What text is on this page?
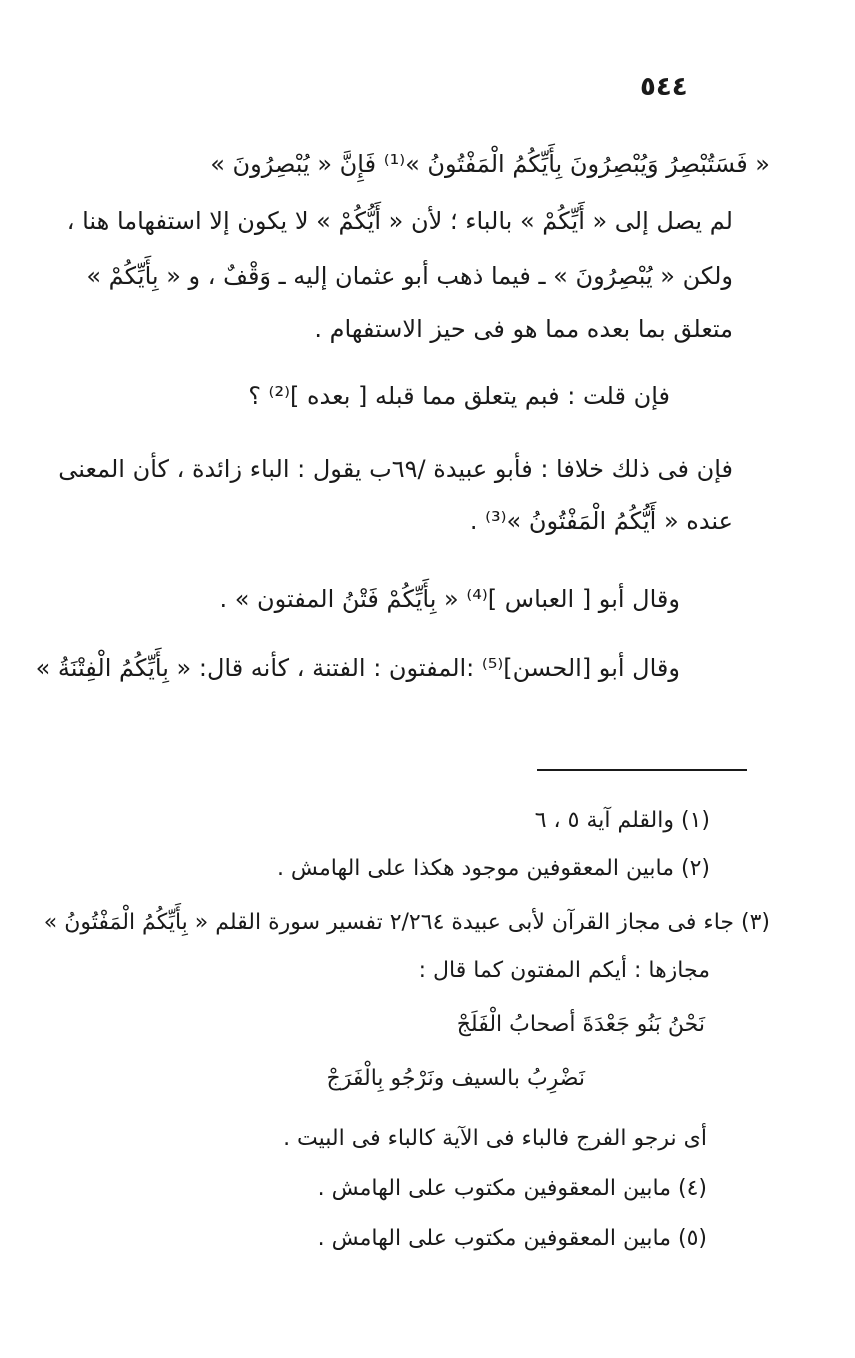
٥٤٤
« فَسَتُبْصِرُ وَيُبْصِرُونَ بِأَيِّكُمُ الْمَفْتُونُ »⁽¹⁾ فَإِنَّ « يُبْصِرُونَ »
لم يصل إلى « أَيِّكُمْ » بالباء ؛ لأن « أَيُّكُمْ » لا يكون إلا استفهاما هنا ،
ولكن « يُبْصِرُونَ » ـ فيما ذهب أبو عثمان إليه ـ وَقْفٌ ، و « بِأَيِّكُمْ »
متعلق بما بعده مما هو فى حيز الاستفهام .
فإن قلت : فبم يتعلق مما قبله [ بعده ]⁽²⁾ ؟
فإن فى ذلك خلافا : فأبو عبيدة /٦٩ب يقول : الباء زائدة ، كأن المعنى
عنده « أَيُّكُمُ الْمَفْتُونُ »⁽³⁾ .
وقال أبو [ العباس ]⁽⁴⁾ « بِأَيِّكُمْ فَتْنُ المفتون » .
وقال أبو [الحسن]⁽⁵⁾ :المفتون : الفتنة ، كأنه قال: « بِأَيِّكُمُ الْفِتْنَةُ »
(١) والقلم آية ٥ ، ٦
(٢) مابين المعقوفين موجود هكذا على الهامش .
(٣) جاء فى مجاز القرآن لأبى عبيدة ٢/٢٦٤ تفسير سورة القلم « بِأَيِّكُمُ الْمَفْتُونُ »
مجازها : أيكم المفتون كما قال :
نَحْنُ بَنُو جَعْدَةَ أصحابُ الْفَلَجْ
نَضْرِبُ بالسيف ونَرْجُو بِالْفَرَجْ
أى نرجو الفرج فالباء فى الآية كالباء فى البيت .
(٤) مابين المعقوفين مكتوب على الهامش .
(٥) مابين المعقوفين مكتوب على الهامش .
